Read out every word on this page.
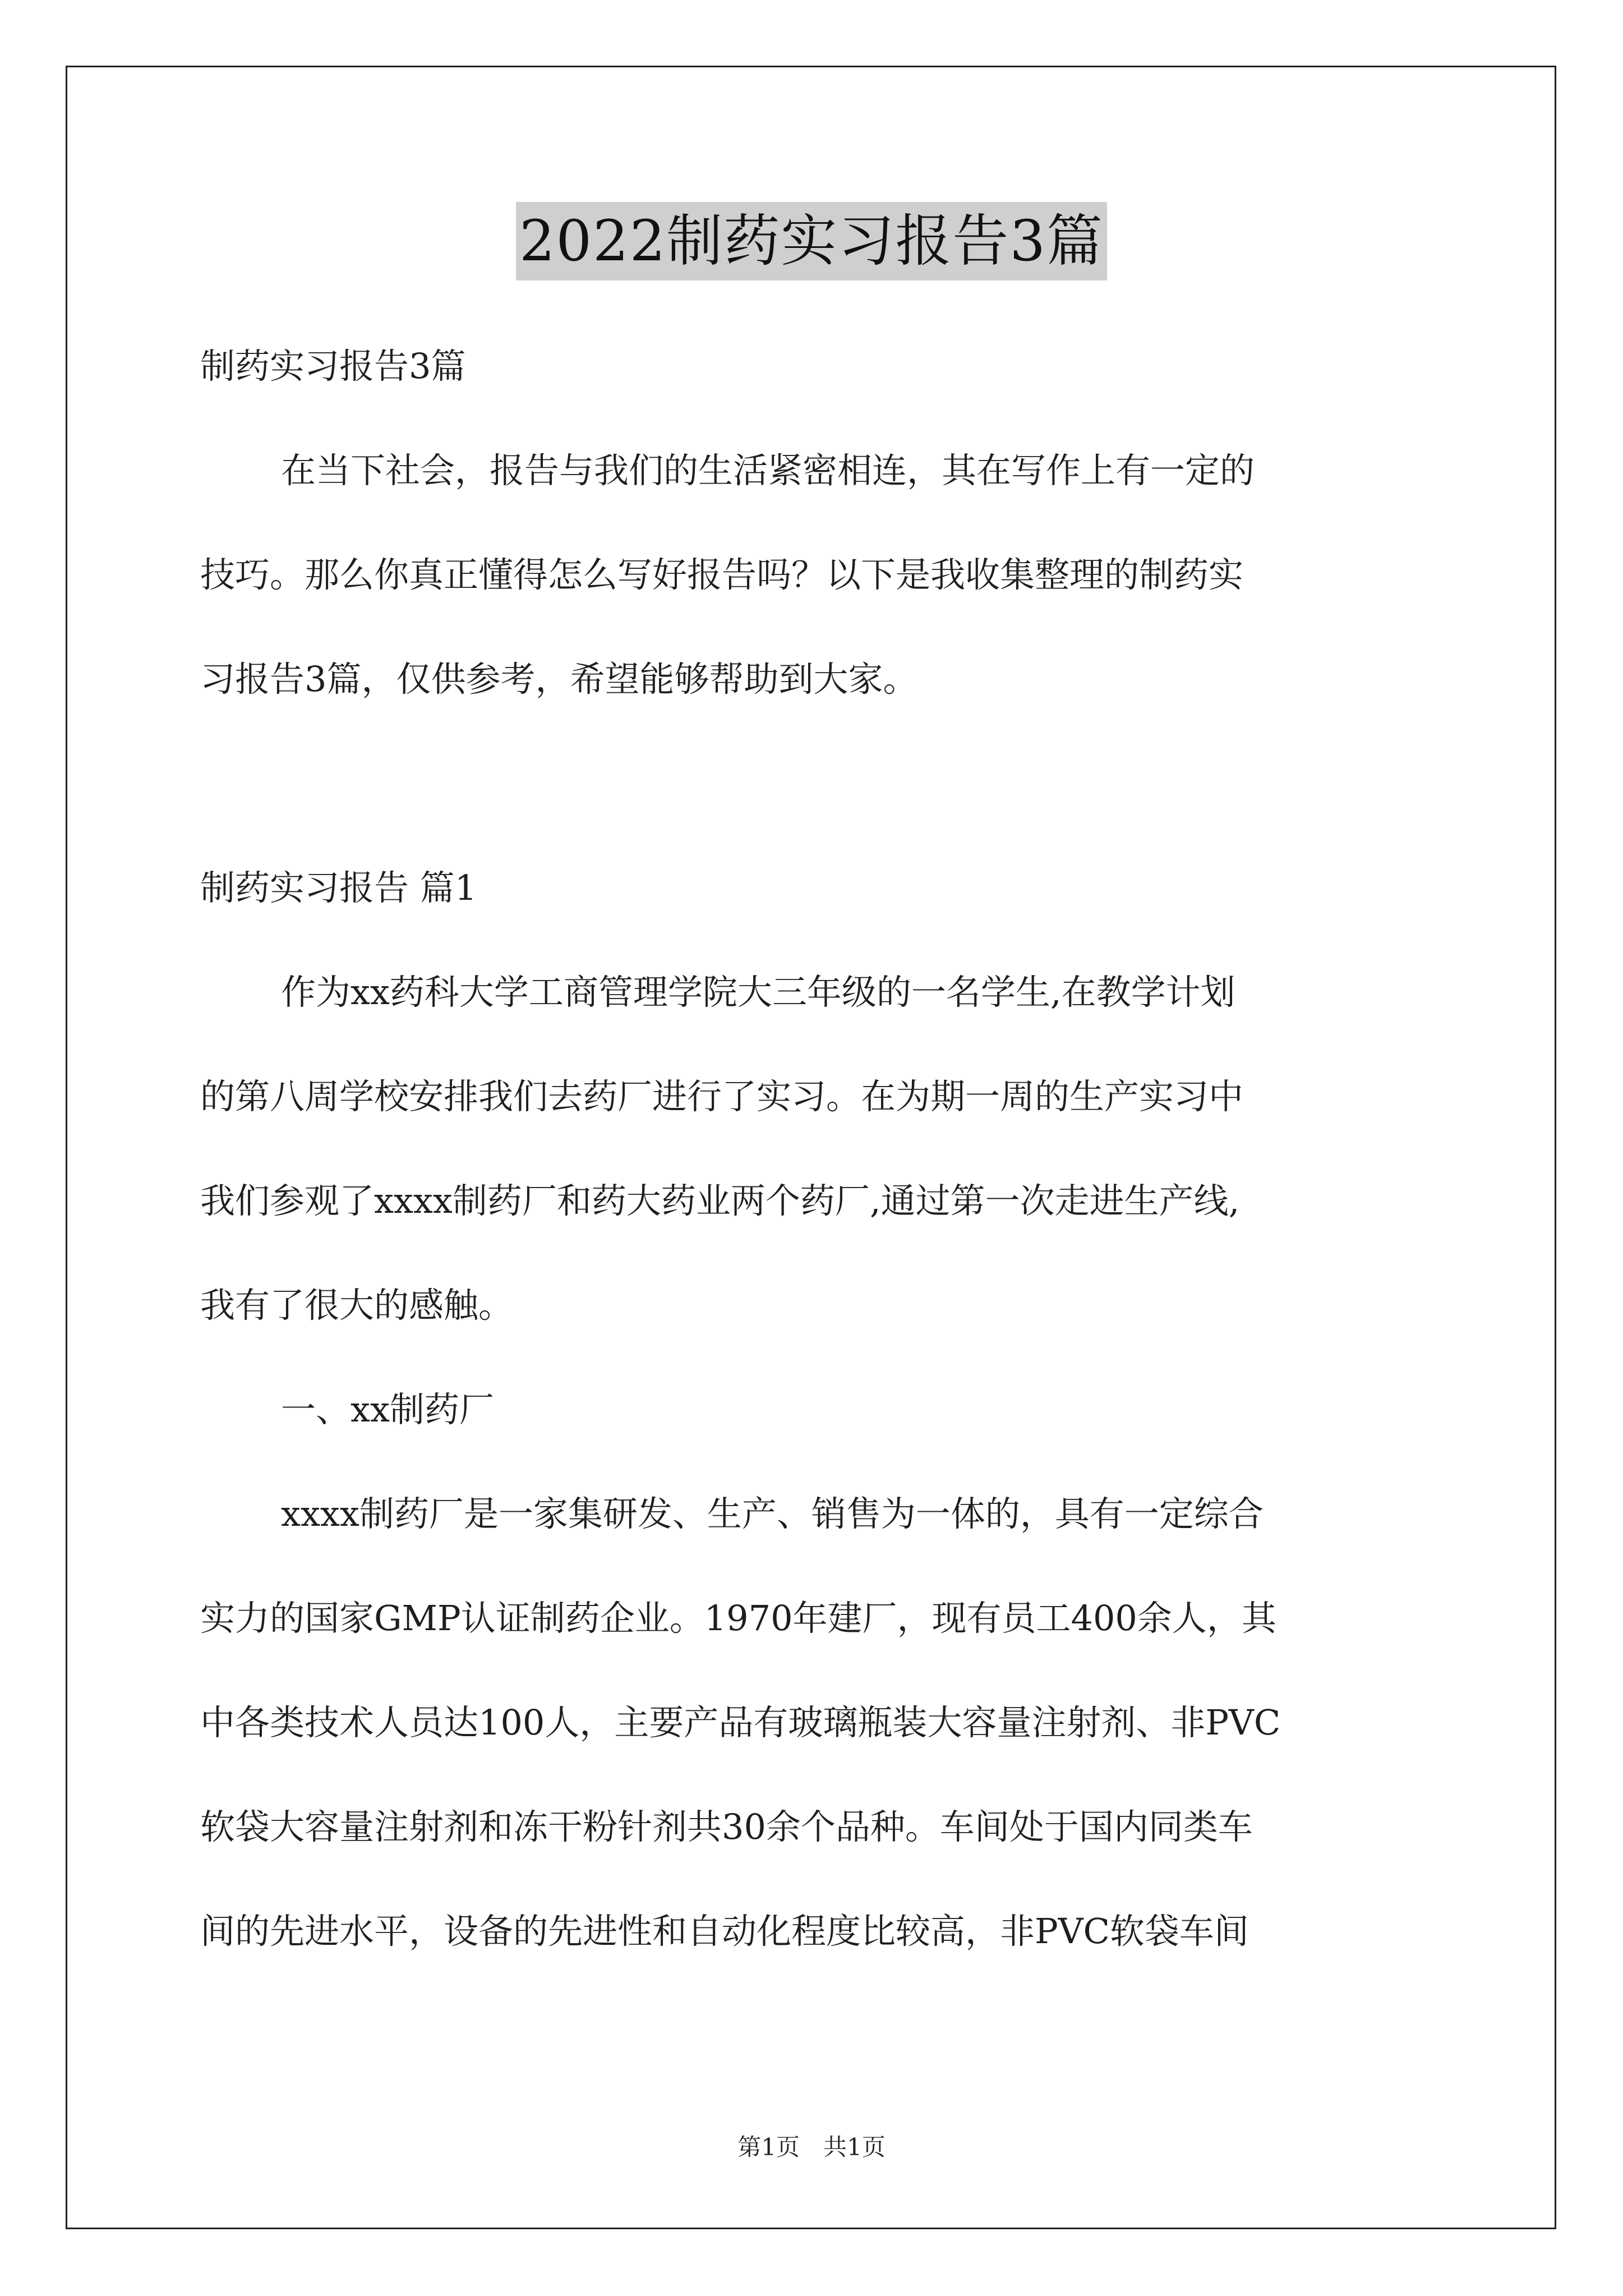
2022制药实习报告3篇
制药实习报告3篇
在当下社会，报告与我们的生活紧密相连，其在写作上有一定的
技巧。那么你真正懂得怎么写好报告吗？以下是我收集整理的制药实
习报告3篇，仅供参考，希望能够帮助到大家。
制药实习报告 篇1
作为xx药科大学工商管理学院大三年级的一名学生,在教学计划
的第八周学校安排我们去药厂进行了实习。在为期一周的生产实习中
我们参观了xxxx制药厂和药大药业两个药厂,通过第一次走进生产线,
我有了很大的感触。
一、xx制药厂
xxxx制药厂是一家集研发、生产、销售为一体的，具有一定综合
实力的国家GMP认证制药企业。1970年建厂，现有员工400余人，其
中各类技术人员达100人，主要产品有玻璃瓶装大容量注射剂、非PVC
软袋大容量注射剂和冻干粉针剂共30余个品种。车间处于国内同类车
间的先进水平，设备的先进性和自动化程度比较高，非PVC软袋车间
第1页　共1页
